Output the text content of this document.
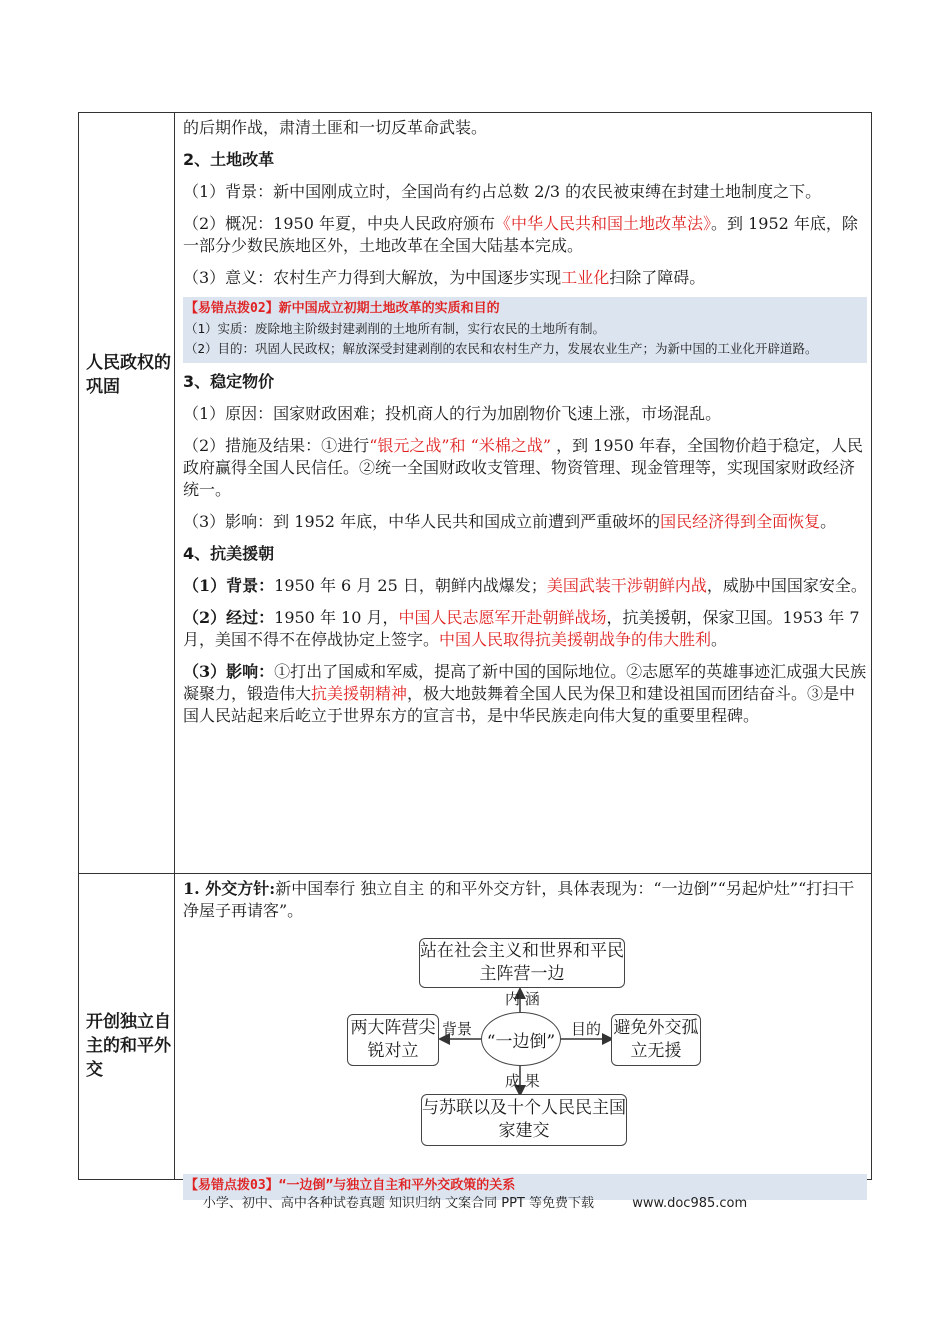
人民政权的巩固

的后期作战，肃清土匪和一切反革命武装。

2、土地改革

（1）背景：新中国刚成立时，全国尚有约占总数 2/3 的农民被束缚在封建土地制度之下。

（2）概况：1950 年夏，中央人民政府颁布《中华人民共和国土地改革法》。到 1952 年底，除一部分少数民族地区外，土地改革在全国大陆基本完成。

（3）意义：农村生产力得到大解放，为中国逐步实现工业化扫除了障碍。

【易错点拨02】新中国成立初期土地改革的实质和目的

（1）实质：废除地主阶级封建剥削的土地所有制，实行农民的土地所有制。

（2）目的：巩固人民政权；解放深受封建剥削的农民和农村生产力，发展农业生产；为新中国的工业化开辟道路。

3、稳定物价

（1）原因：国家财政困难；投机商人的行为加剧物价飞速上涨，市场混乱。

（2）措施及结果：①进行“银元之战”和 “米棉之战” ，到 1950 年春，全国物价趋于稳定，人民政府赢得全国人民信任。②统一全国财政收支管理、物资管理、现金管理等，实现国家财政经济统一。

（3）影响：到 1952 年底，中华人民共和国成立前遭到严重破坏的国民经济得到全面恢复。

4、抗美援朝

（1）背景：1950 年 6 月 25 日，朝鲜内战爆发；美国武装干涉朝鲜内战，威胁中国国家安全。

（2）经过：1950 年 10 月，中国人民志愿军开赴朝鲜战场，抗美援朝，保家卫国。1953 年 7 月，美国不得不在停战协定上签字。中国人民取得抗美援朝战争的伟大胜利。

（3）影响：①打出了国威和军威，提高了新中国的国际地位。②志愿军的英雄事迹汇成强大民族凝聚力，锻造伟大抗美援朝精神，极大地鼓舞着全国人民为保卫和建设祖国而团结奋斗。③是中国人民站起来后屹立于世界东方的宣言书，是中华民族走向伟大复的重要里程碑。

开创独立自主的和平外交

1. 外交方针:新中国奉行 独立自主 的和平外交方针，具体表现为：“一边倒”“另起炉灶”“打扫干净屋子再请客”。

站在社会主义和世界和平民主阵营一边
两大阵营尖锐对立	“一边倒”
避免外交孤立无援
与苏联以及十个人民民主国家建交
内 涵
背景	目的
成 果
【易错点拨03】“一边倒”与独立自主和平外交政策的关系
小学、初中、高中各种试卷真题 知识归纳 文案合同 PPT 等免费下载	www.doc985.com
